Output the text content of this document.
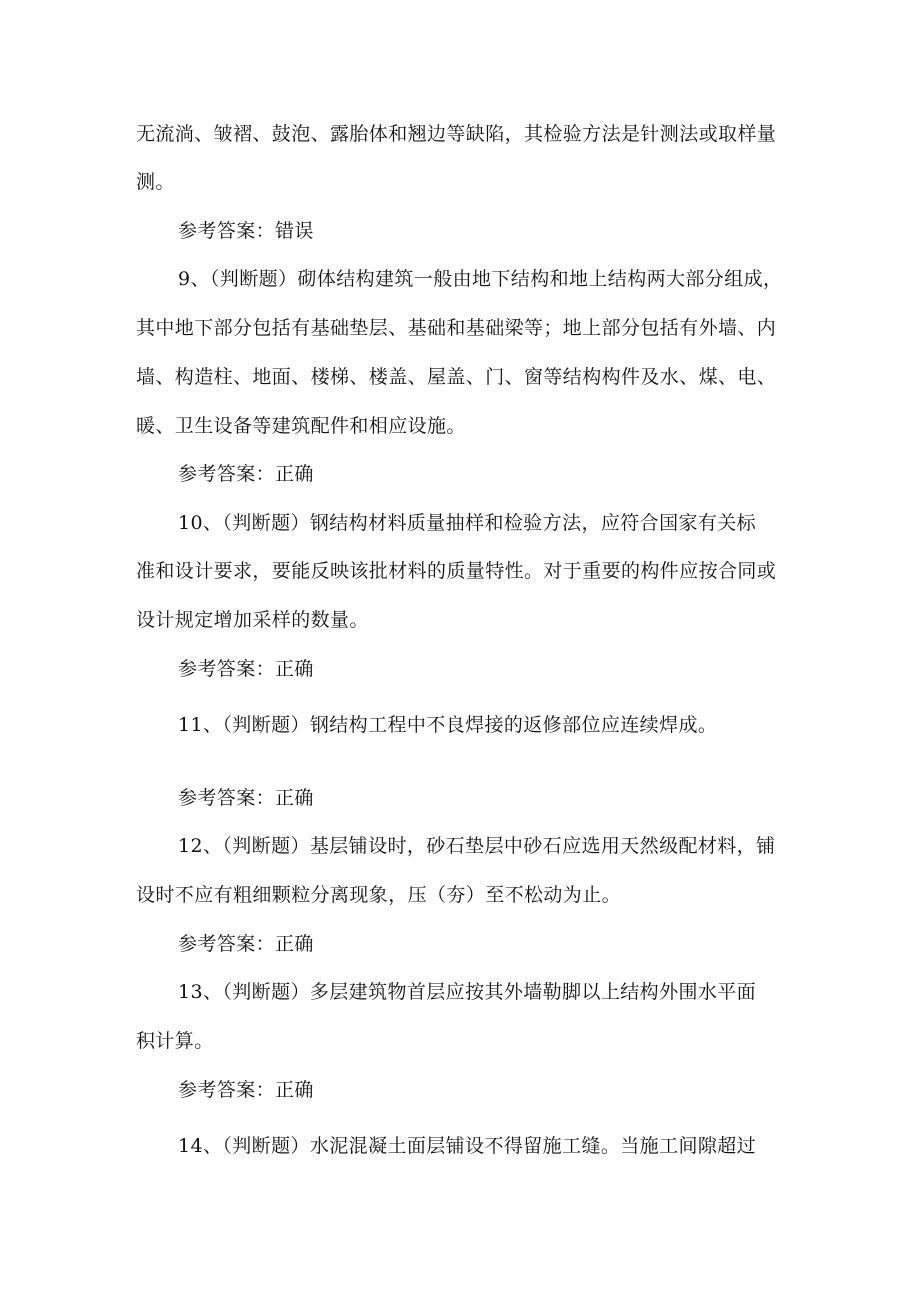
无流淌、皱褶、鼓泡、露胎体和翘边等缺陷，其检验方法是针测法或取样量
测。
参考答案：错误
9、（判断题）砌体结构建筑一般由地下结构和地上结构两大部分组成，
其中地下部分包括有基础垫层、基础和基础梁等；地上部分包括有外墙、内
墙、构造柱、地面、楼梯、楼盖、屋盖、门、窗等结构构件及水、煤、电、
暖、卫生设备等建筑配件和相应设施。
参考答案：正确
10、（判断题）钢结构材料质量抽样和检验方法，应符合国家有关标
准和设计要求，要能反映该批材料的质量特性。对于重要的构件应按合同或
设计规定增加采样的数量。
参考答案：正确
11、（判断题）钢结构工程中不良焊接的返修部位应连续焊成。
参考答案：正确
12、（判断题）基层铺设时，砂石垫层中砂石应选用天然级配材料，铺
设时不应有粗细颗粒分离现象，压（夯）至不松动为止。
参考答案：正确
13、（判断题）多层建筑物首层应按其外墙勒脚以上结构外围水平面
积计算。
参考答案：正确
14、（判断题）水泥混凝土面层铺设不得留施工缝。当施工间隙超过
